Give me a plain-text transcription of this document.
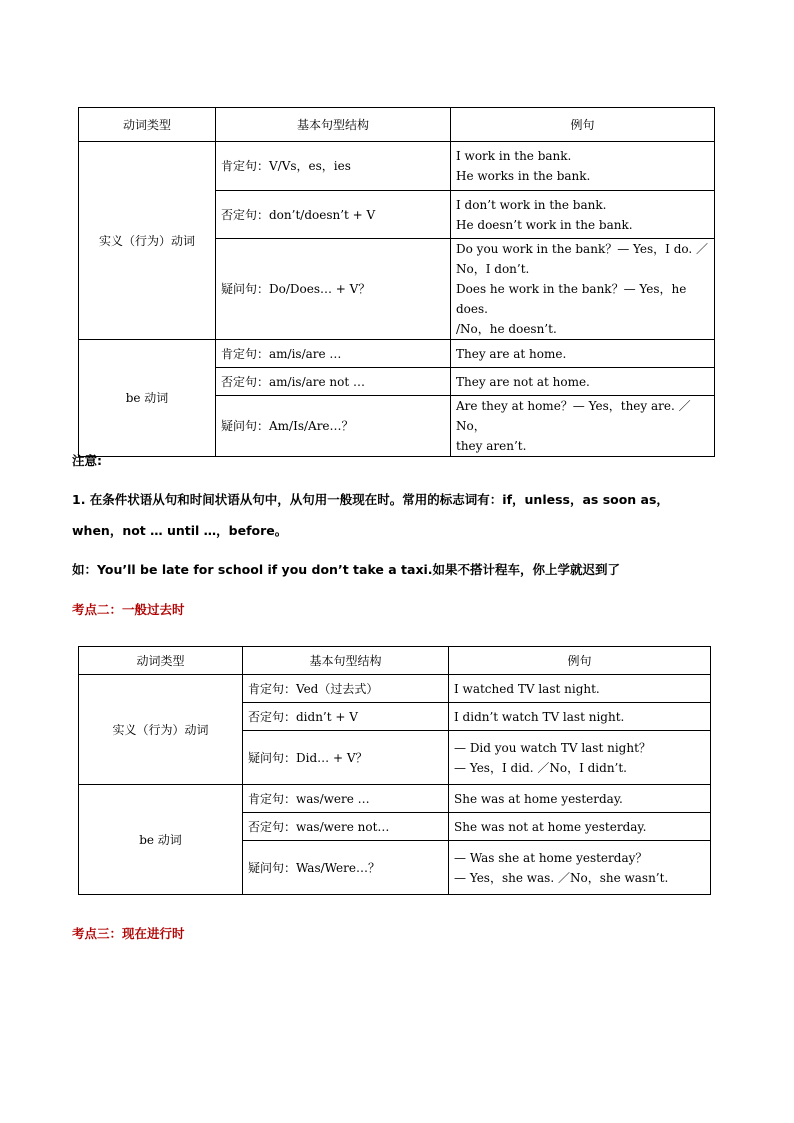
动词类型	基本句型结构	例句
实义（行为）动词	肯定句：V/Vs，es，ies	I work in the bank.
He works in the bank.

	否定句：don’t/doesn’t + V	I don’t work in the bank.
He doesn’t work in the bank.

	疑问句：Do/Does… + V？	Do you work in the bank？— Yes，I do. ／
No，I don’t.
Does he work in the bank？— Yes，he does.
/No，he doesn’t.

be 动词	肯定句：am/is/are …	They are at home.
	否定句：am/is/are not …	They are not at home.
	疑问句：Am/Is/Are…？	Are they at home？— Yes，they are. ／No，
they aren’t.
注意:
1. 在条件状语从句和时间状语从句中，从句用一般现在时。常用的标志词有：if，unless，as soon as，
when，not … until …，before。
如：You’ll be late for school if you don’t take a taxi.如果不搭计程车，你上学就迟到了
考点二：一般过去时
动词类型	基本句型结构	例句
实义（行为）动词	肯定句：Ved（过去式）	I watched TV last night.
	否定句：didn’t + V	I didn’t watch TV last night.
	疑问句：Did… + V？	— Did you watch TV last night？
— Yes，I did. ／No，I didn’t.

be 动词	肯定句：was/were …	She was at home yesterday.
	否定句：was/were not…	She was not at home yesterday.
	疑问句：Was/Were…？	— Was she at home yesterday？
— Yes，she was. ／No，she wasn’t.
考点三：现在进行时
